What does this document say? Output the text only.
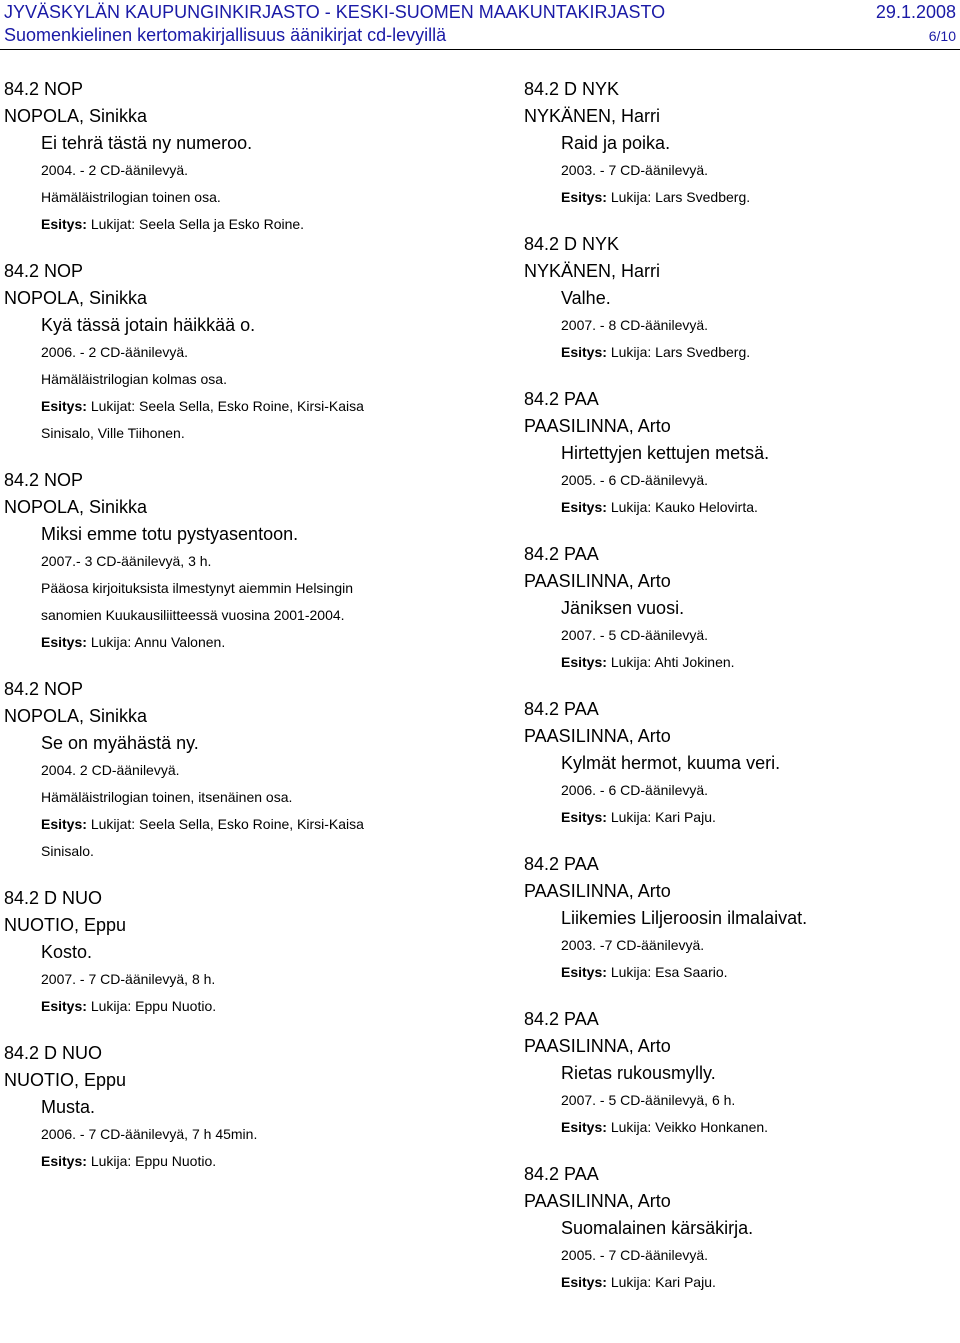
JYVÄSKYLÄN KAUPUNGINKIRJASTO - KESKI-SUOMEN MAAKUNTAKIRJASTO	29.1.2008
Suomenkielinen kertomakirjallisuus äänikirjat cd-levyillä	6/10
84.2 NOP
NOPOLA, Sinikka
Ei tehrä tästä ny numeroo.
2004. - 2 CD-äänilevyä.
Hämäläistrilogian toinen osa.
Esitys: Lukijat: Seela Sella ja Esko Roine.
84.2 NOP
NOPOLA, Sinikka
Kyä tässä jotain häikkää o.
2006. - 2 CD-äänilevyä.
Hämäläistrilogian kolmas osa.
Esitys: Lukijat: Seela Sella, Esko Roine, Kirsi-Kaisa
Sinisalo, Ville Tiihonen.
84.2 NOP
NOPOLA, Sinikka
Miksi emme totu pystyasentoon.
2007.- 3 CD-äänilevyä, 3 h.
Pääosa kirjoituksista ilmestynyt aiemmin Helsingin
sanomien Kuukausiliitteessä vuosina 2001-2004.
Esitys: Lukija: Annu Valonen.
84.2 NOP
NOPOLA, Sinikka
Se on myähästä ny.
2004. 2 CD-äänilevyä.
Hämäläistrilogian toinen, itsenäinen osa.
Esitys: Lukijat: Seela Sella, Esko Roine, Kirsi-Kaisa
Sinisalo.
84.2 D NUO
NUOTIO, Eppu
Kosto.
2007. - 7 CD-äänilevyä, 8 h.
Esitys: Lukija: Eppu Nuotio.
84.2 D NUO
NUOTIO, Eppu
Musta.
2006. - 7 CD-äänilevyä, 7 h 45min.
Esitys: Lukija: Eppu Nuotio.
84.2 D NYK
NYKÄNEN, Harri
Raid ja poika.
2003. - 7 CD-äänilevyä.
Esitys: Lukija: Lars Svedberg.
84.2 D NYK
NYKÄNEN, Harri
Valhe.
2007. - 8 CD-äänilevyä.
Esitys: Lukija: Lars Svedberg.
84.2 PAA
PAASILINNA, Arto
Hirtettyjen kettujen metsä.
2005. - 6 CD-äänilevyä.
Esitys: Lukija: Kauko Helovirta.
84.2 PAA
PAASILINNA, Arto
Jäniksen vuosi.
2007. - 5 CD-äänilevyä.
Esitys: Lukija: Ahti Jokinen.
84.2 PAA
PAASILINNA, Arto
Kylmät hermot, kuuma veri.
2006. - 6 CD-äänilevyä.
Esitys: Lukija: Kari Paju.
84.2 PAA
PAASILINNA, Arto
Liikemies Liljeroosin ilmalaivat.
2003. -7 CD-äänilevyä.
Esitys: Lukija: Esa Saario.
84.2 PAA
PAASILINNA, Arto
Rietas rukousmylly.
2007. - 5 CD-äänilevyä, 6 h.
Esitys: Lukija: Veikko Honkanen.
84.2 PAA
PAASILINNA, Arto
Suomalainen kärsäkirja.
2005. - 7 CD-äänilevyä.
Esitys: Lukija: Kari Paju.
